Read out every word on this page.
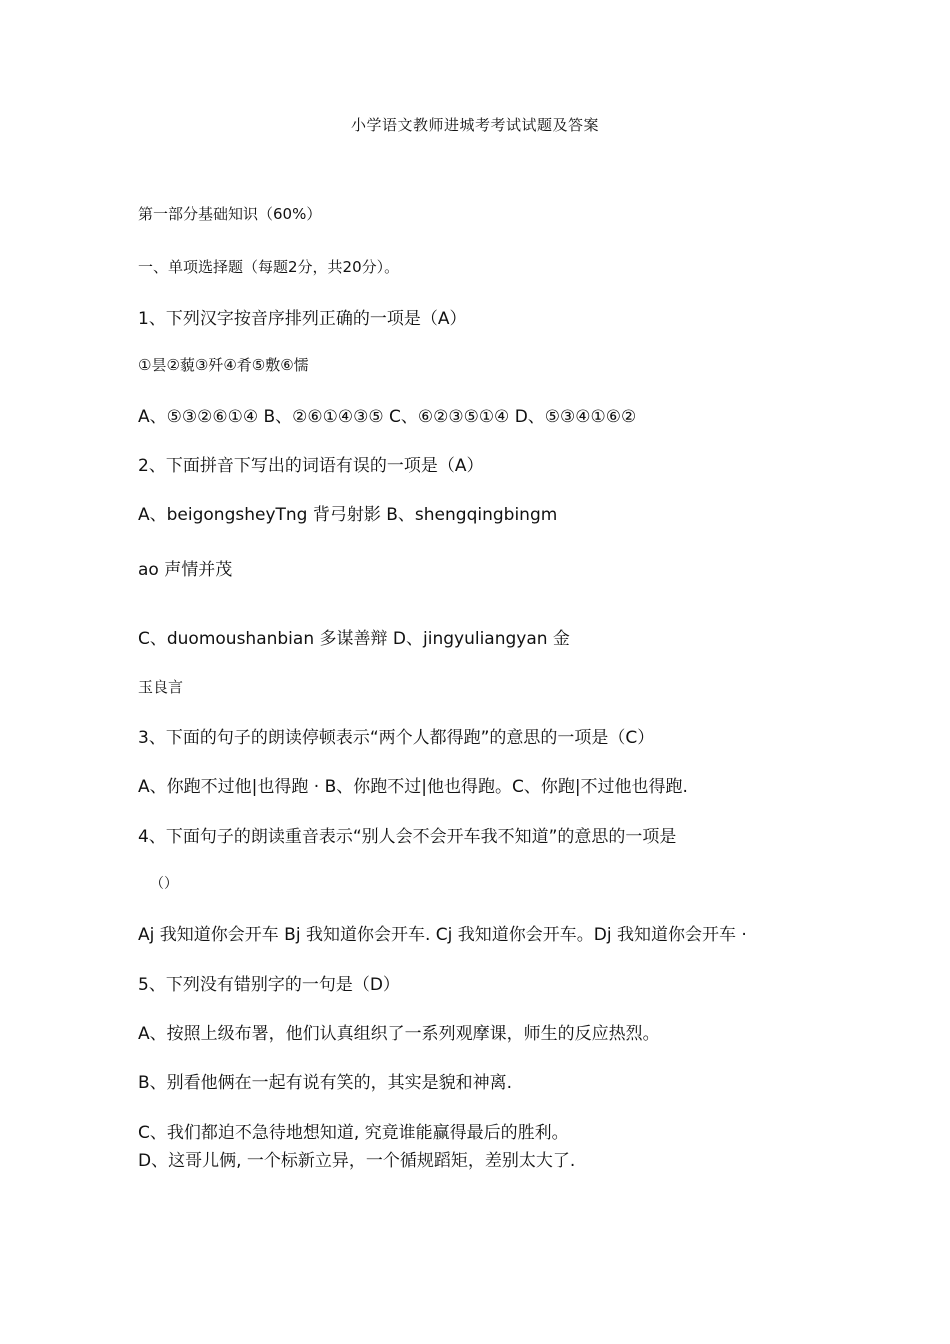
小学语文教师进城考考试试题及答案
第一部分基础知识（60%）
一、单项选择题（每题2分，共20分）。
1、下列汉字按音序排列正确的一项是（A）
①昙②藐③歼④肴⑤敷⑥懦
A、⑤③②⑥①④ B、②⑥①④③⑤ C、⑥②③⑤①④ D、⑤③④①⑥②
2、下面拼音下写出的词语有误的一项是（A）
A、beigongsheyTng 背弓射影 B、shengqingbingm
ao 声情并茂
C、duomoushanbian 多谋善辩 D、jingyuliangyan 金
玉良言
3、下面的句子的朗读停顿表示“两个人都得跑”的意思的一项是（C）
A、你跑不过他|也得跑 · B、你跑不过|他也得跑。C、你跑|不过他也得跑.
4、下面句子的朗读重音表示“别人会不会开车我不知道”的意思的一项是
（）
Aj 我知道你会开车 Bj 我知道你会开车. Cj 我知道你会开车。Dj 我知道你会开车 ·
5、下列没有错别字的一句是（D）
A、按照上级布署，他们认真组织了一系列观摩课，师生的反应热烈。
B、别看他俩在一起有说有笑的，其实是貌和神离.
C、我们都迫不急待地想知道, 究竟谁能赢得最后的胜利。
D、这哥儿俩, 一个标新立异，一个循规蹈矩，差别太大了.
